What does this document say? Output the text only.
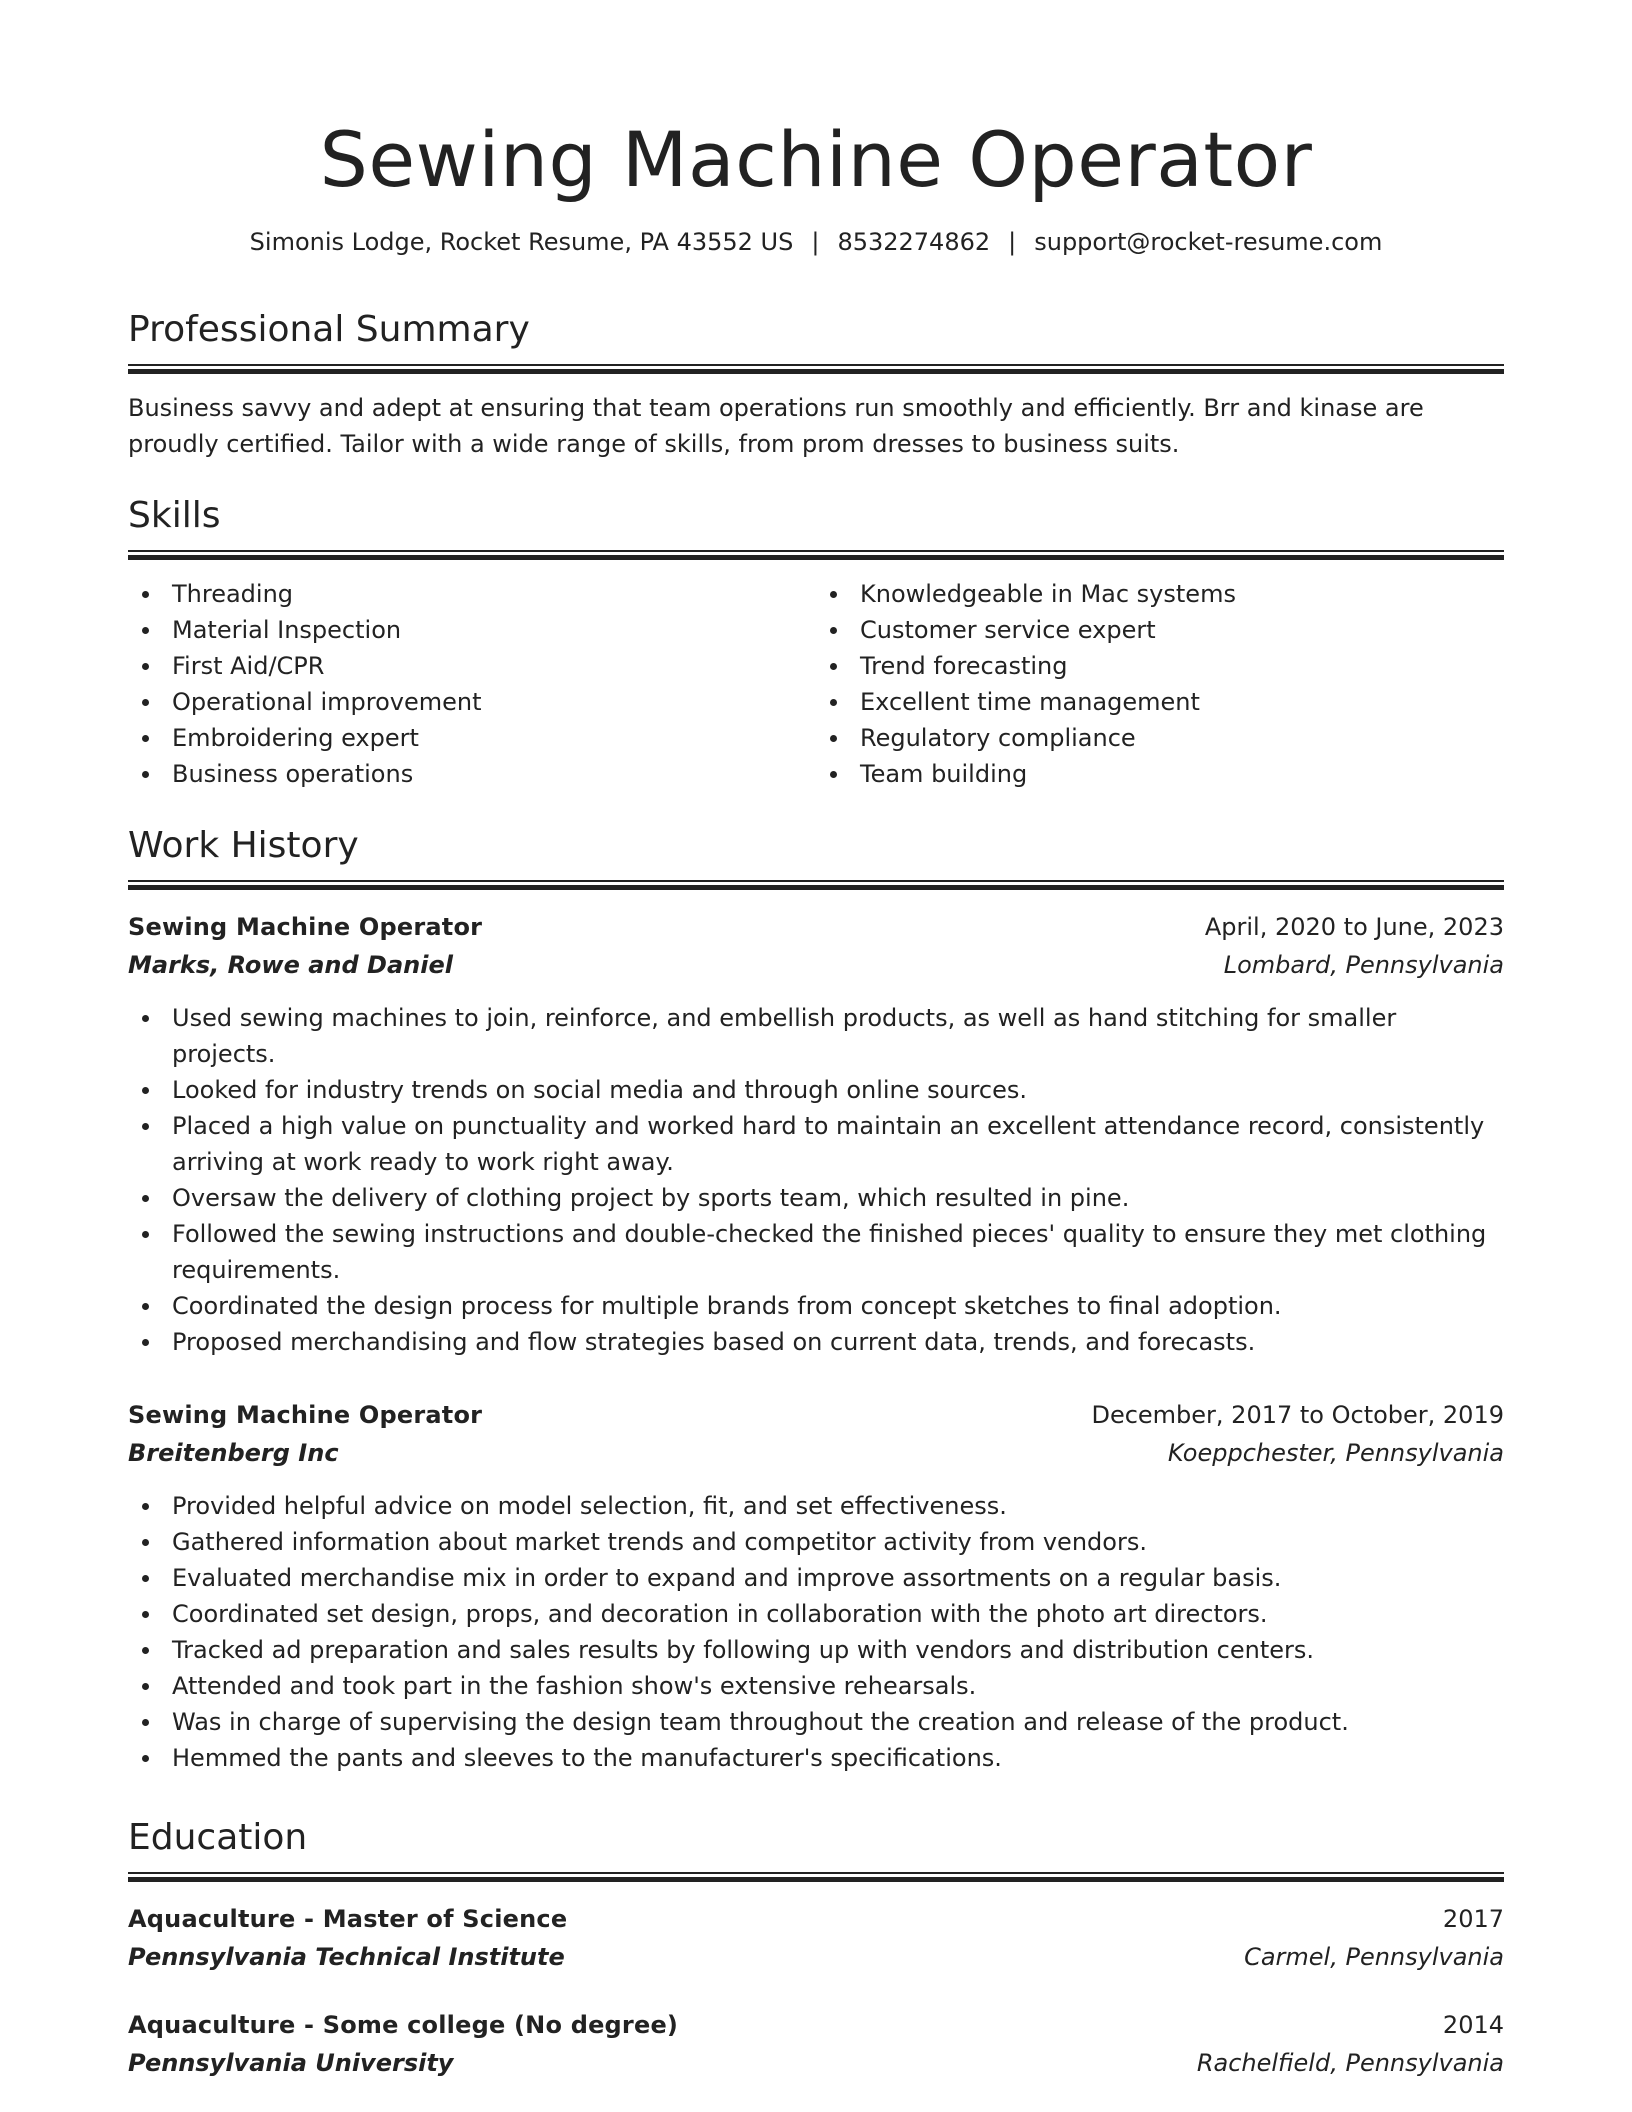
Sewing Machine Operator
Simonis Lodge, Rocket Resume, PA 43552 US | 8532274862 | support@rocket-resume.com
Professional Summary

Business savvy and adept at ensuring that team operations run smoothly and efficiently. Brr and kinase are proudly certified. Tailor with a wide range of skills, from prom dresses to business suits.

Skills
Threading
Material Inspection
First Aid/CPR
Operational improvement
Embroidering expert
Business operations
Knowledgeable in Mac systems
Customer service expert
Trend forecasting
Excellent time management
Regulatory compliance
Team building
Work History
Sewing Machine Operator	April, 2020 to June, 2023
Marks, Rowe and Daniel	Lombard, Pennsylvania
Used sewing machines to join, reinforce, and embellish products, as well as hand stitching for smaller projects.
Looked for industry trends on social media and through online sources.
Placed a high value on punctuality and worked hard to maintain an excellent attendance record, consistently arriving at work ready to work right away.
Oversaw the delivery of clothing project by sports team, which resulted in pine.
Followed the sewing instructions and double-checked the finished pieces' quality to ensure they met clothing requirements.
Coordinated the design process for multiple brands from concept sketches to final adoption.
Proposed merchandising and flow strategies based on current data, trends, and forecasts.
Sewing Machine Operator	December, 2017 to October, 2019
Breitenberg Inc	Koeppchester, Pennsylvania
Provided helpful advice on model selection, fit, and set effectiveness.
Gathered information about market trends and competitor activity from vendors.
Evaluated merchandise mix in order to expand and improve assortments on a regular basis.
Coordinated set design, props, and decoration in collaboration with the photo art directors.
Tracked ad preparation and sales results by following up with vendors and distribution centers.
Attended and took part in the fashion show's extensive rehearsals.
Was in charge of supervising the design team throughout the creation and release of the product.
Hemmed the pants and sleeves to the manufacturer's specifications.
Education
Aquaculture - Master of Science	2017
Pennsylvania Technical Institute	Carmel, Pennsylvania
Aquaculture - Some college (No degree)	2014
Pennsylvania University	Rachelfield, Pennsylvania
